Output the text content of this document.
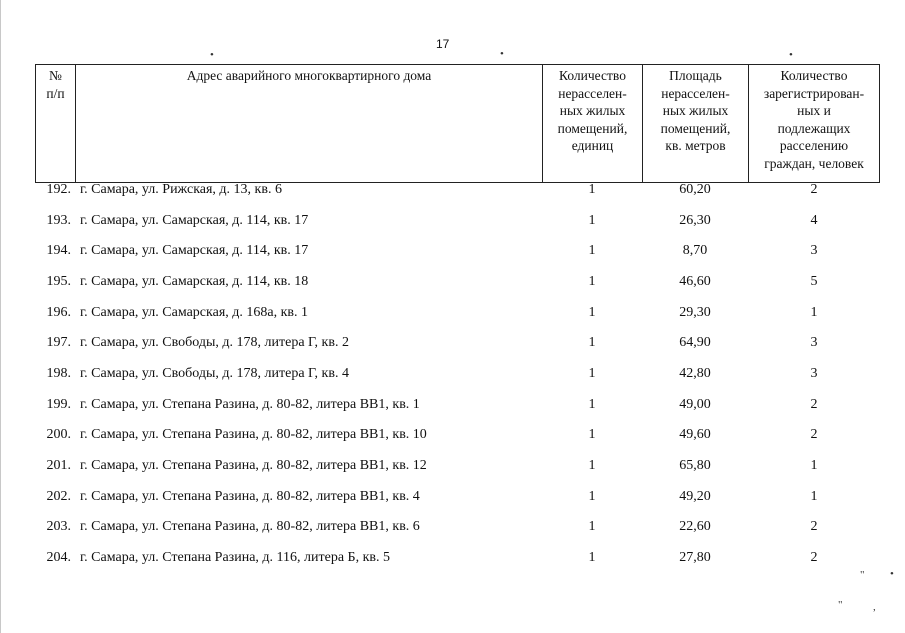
17
•	•	•
" •
"	,
№
п/п

Адрес аварийного многоквартирного дома	Количество
нерасселен-
ных жилых
помещений,
единиц

Площадь
нерасселен-
ных жилых
помещений,
кв. метров

Количество
зарегистрирован-
ных и
подлежащих
расселению
граждан, человек
192. г. Самара, ул. Рижская, д. 13, кв. 6	1	60,20	2
193. г. Самара, ул. Самарская, д. 114, кв. 17	1	26,30	4
194. г. Самара, ул. Самарская, д. 114, кв. 17	1	8,70	3
195. г. Самара, ул. Самарская, д. 114, кв. 18	1	46,60	5
196. г. Самара, ул. Самарская, д. 168а, кв. 1	1	29,30	1
197. г. Самара, ул. Свободы, д. 178, литера Г, кв. 2	1	64,90	3
198. г. Самара, ул. Свободы, д. 178, литера Г, кв. 4	1	42,80	3
199. г. Самара, ул. Степана Разина, д. 80-82, литера ВВ1, кв. 1	1	49,00	2
200. г. Самара, ул. Степана Разина, д. 80-82, литера ВВ1, кв. 10	1	49,60	2
201. г. Самара, ул. Степана Разина, д. 80-82, литера ВВ1, кв. 12	1	65,80	1
202. г. Самара, ул. Степана Разина, д. 80-82, литера ВВ1, кв. 4	1	49,20	1
203. г. Самара, ул. Степана Разина, д. 80-82, литера ВВ1, кв. 6	1	22,60	2
204. г. Самара, ул. Степана Разина, д. 116, литера Б, кв. 5	1	27,80	2
